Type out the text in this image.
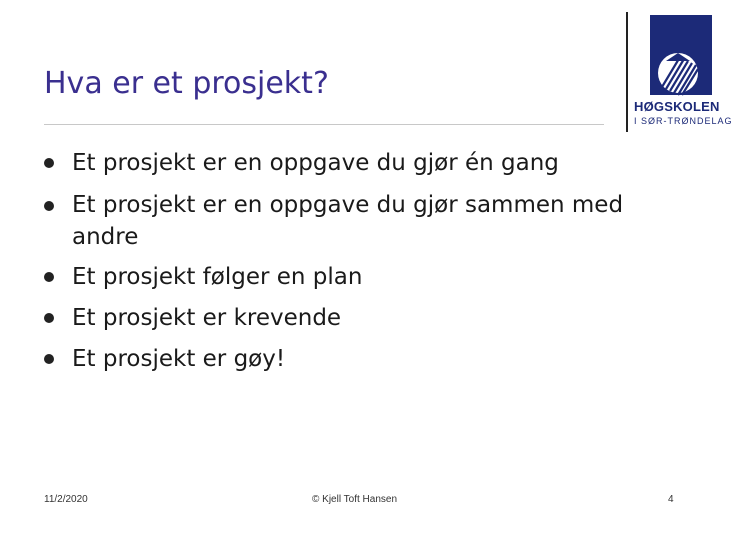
Hva er et prosjekt?
HØGSKOLEN
I SØR-TRØNDELAG
Et prosjekt er en oppgave du gjør én gang
Et prosjekt er en oppgave du gjør sammen med andre
Et prosjekt følger en plan
Et prosjekt er krevende
Et prosjekt er gøy!
11/2/2020	© Kjell Toft Hansen	4
